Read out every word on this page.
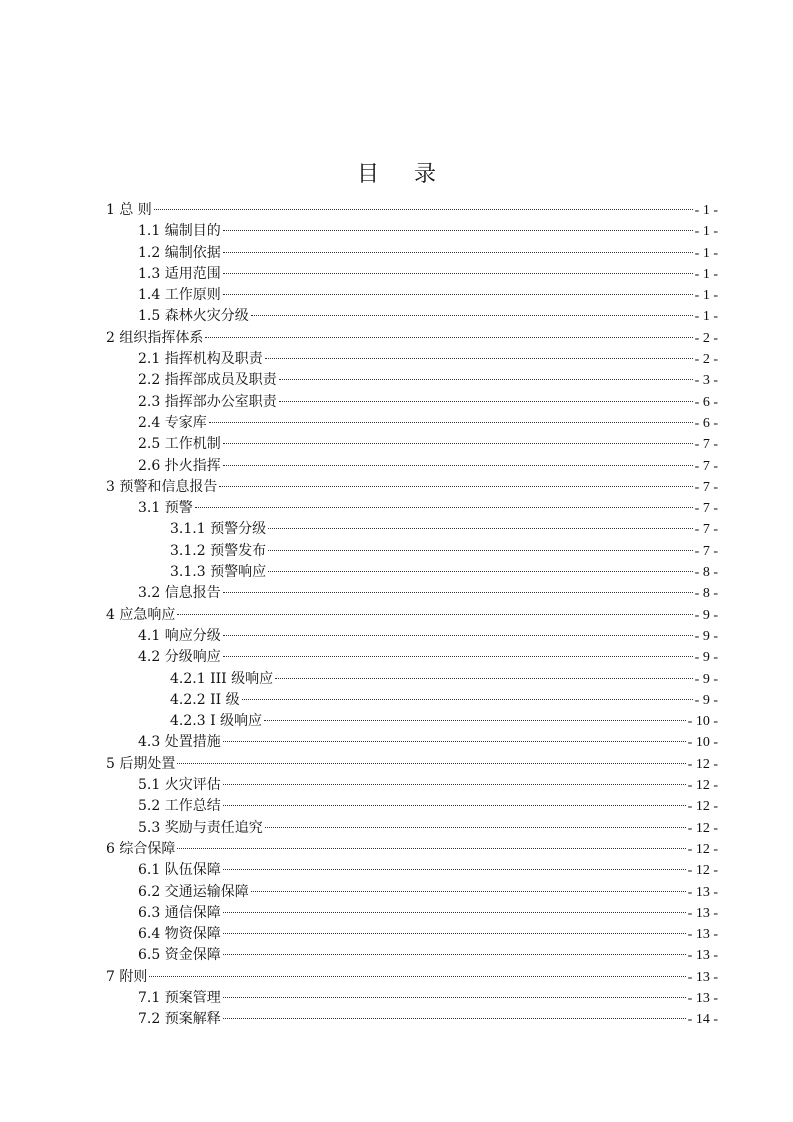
目 录
1 总 则	- 1 -
1.1 编制目的	- 1 -
1.2 编制依据	- 1 -
1.3 适用范围	- 1 -
1.4 工作原则	- 1 -
1.5 森林火灾分级	- 1 -
2 组织指挥体系	- 2 -
2.1 指挥机构及职责	- 2 -
2.2 指挥部成员及职责	- 3 -
2.3 指挥部办公室职责	- 6 -
2.4 专家库	- 6 -
2.5 工作机制	- 7 -
2.6 扑火指挥	- 7 -
3 预警和信息报告	- 7 -
3.1 预警	- 7 -
3.1.1 预警分级	- 7 -
3.1.2 预警发布	- 7 -
3.1.3 预警响应	- 8 -
3.2 信息报告	- 8 -
4 应急响应	- 9 -
4.1 响应分级	- 9 -
4.2 分级响应	- 9 -
4.2.1 III 级响应	- 9 -
4.2.2 II 级	- 9 -
4.2.3 I 级响应	- 10 -
4.3 处置措施	- 10 -
5 后期处置	- 12 -
5.1 火灾评估	- 12 -
5.2 工作总结	- 12 -
5.3 奖励与责任追究	- 12 -
6 综合保障	- 12 -
6.1 队伍保障	- 12 -
6.2 交通运输保障	- 13 -
6.3 通信保障	- 13 -
6.4 物资保障	- 13 -
6.5 资金保障	- 13 -
7 附则	- 13 -
7.1 预案管理	- 13 -
7.2 预案解释	- 14 -
